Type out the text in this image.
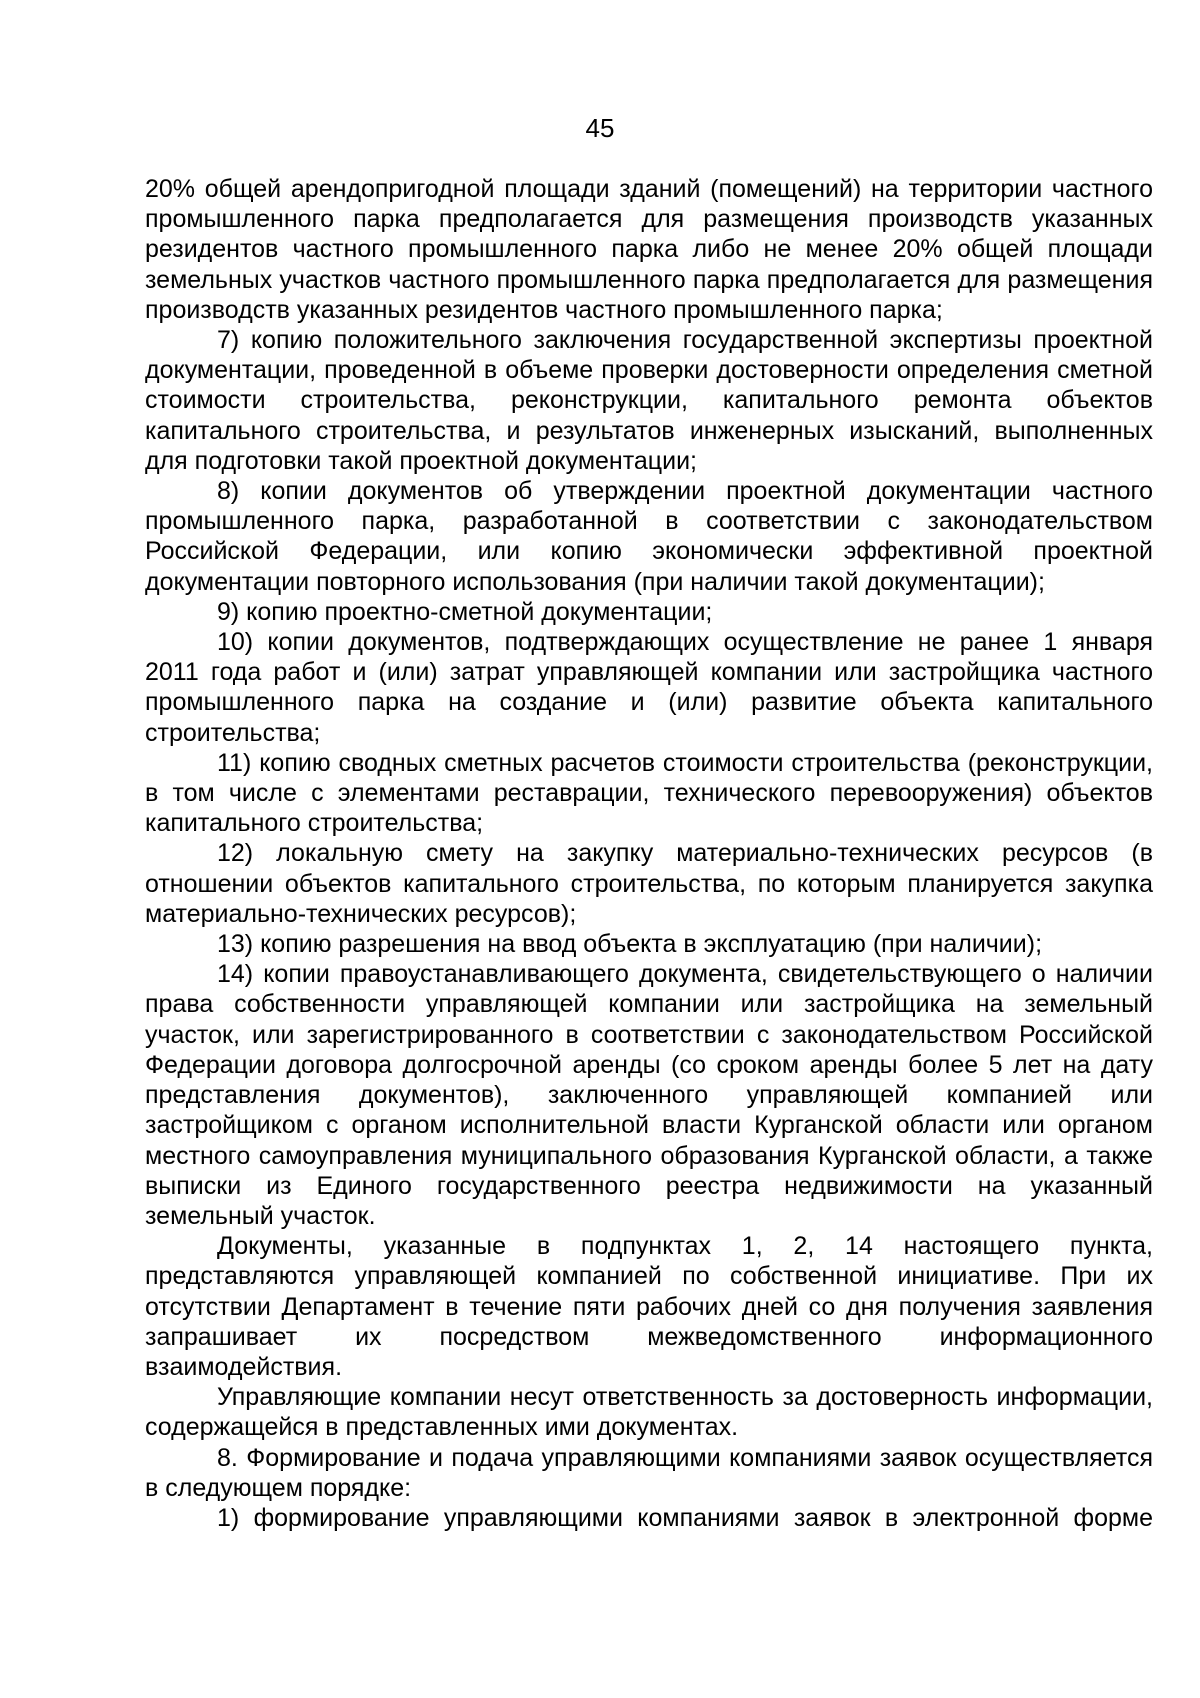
45

20% общей арендопригодной площади зданий (помещений) на территории частного промышленного парка предполагается для размещения производств указанных резидентов частного промышленного парка либо не менее 20% общей площади земельных участков частного промышленного парка предполагается для размещения производств указанных резидентов частного промышленного парка;

7) копию положительного заключения государственной экспертизы проектной документации, проведенной в объеме проверки достоверности определения сметной стоимости строительства, реконструкции, капитального ремонта объектов капитального строительства, и результатов инженерных изысканий, выполненных для подготовки такой проектной документации;

8) копии документов об утверждении проектной документации частного промышленного парка, разработанной в соответствии с законодательством Российской Федерации, или копию экономически эффективной проектной документации повторного использования (при наличии такой документации);

9) копию проектно-сметной документации;

10) копии документов, подтверждающих осуществление не ранее 1 января 2011 года работ и (или) затрат управляющей компании или застройщика частного промышленного парка на создание и (или) развитие объекта капитального строительства;

11) копию сводных сметных расчетов стоимости строительства (реконструкции, в том числе с элементами реставрации, технического перевооружения) объектов капитального строительства;

12) локальную смету на закупку материально-технических ресурсов (в отношении объектов капитального строительства, по которым планируется закупка материально-технических ресурсов);

13) копию разрешения на ввод объекта в эксплуатацию (при наличии);

14) копии правоустанавливающего документа, свидетельствующего о наличии права собственности управляющей компании или застройщика на земельный участок, или зарегистрированного в соответствии с законодательством Российской Федерации договора долгосрочной аренды (со сроком аренды более 5 лет на дату представления документов), заключенного управляющей компанией или застройщиком с органом исполнительной власти Курганской области или органом местного самоуправления муниципального образования Курганской области, а также выписки из Единого государственного реестра недвижимости на указанный земельный участок.

Документы, указанные в подпунктах 1, 2, 14 настоящего пункта, представляются управляющей компанией по собственной инициативе. При их отсутствии Департамент в течение пяти рабочих дней со дня получения заявления запрашивает их посредством межведомственного информационного взаимодействия.

Управляющие компании несут ответственность за достоверность информации, содержащейся в представленных ими документах.

8. Формирование и подача управляющими компаниями заявок осуществляется в следующем порядке:

1) формирование управляющими компаниями заявок в электронной форме
